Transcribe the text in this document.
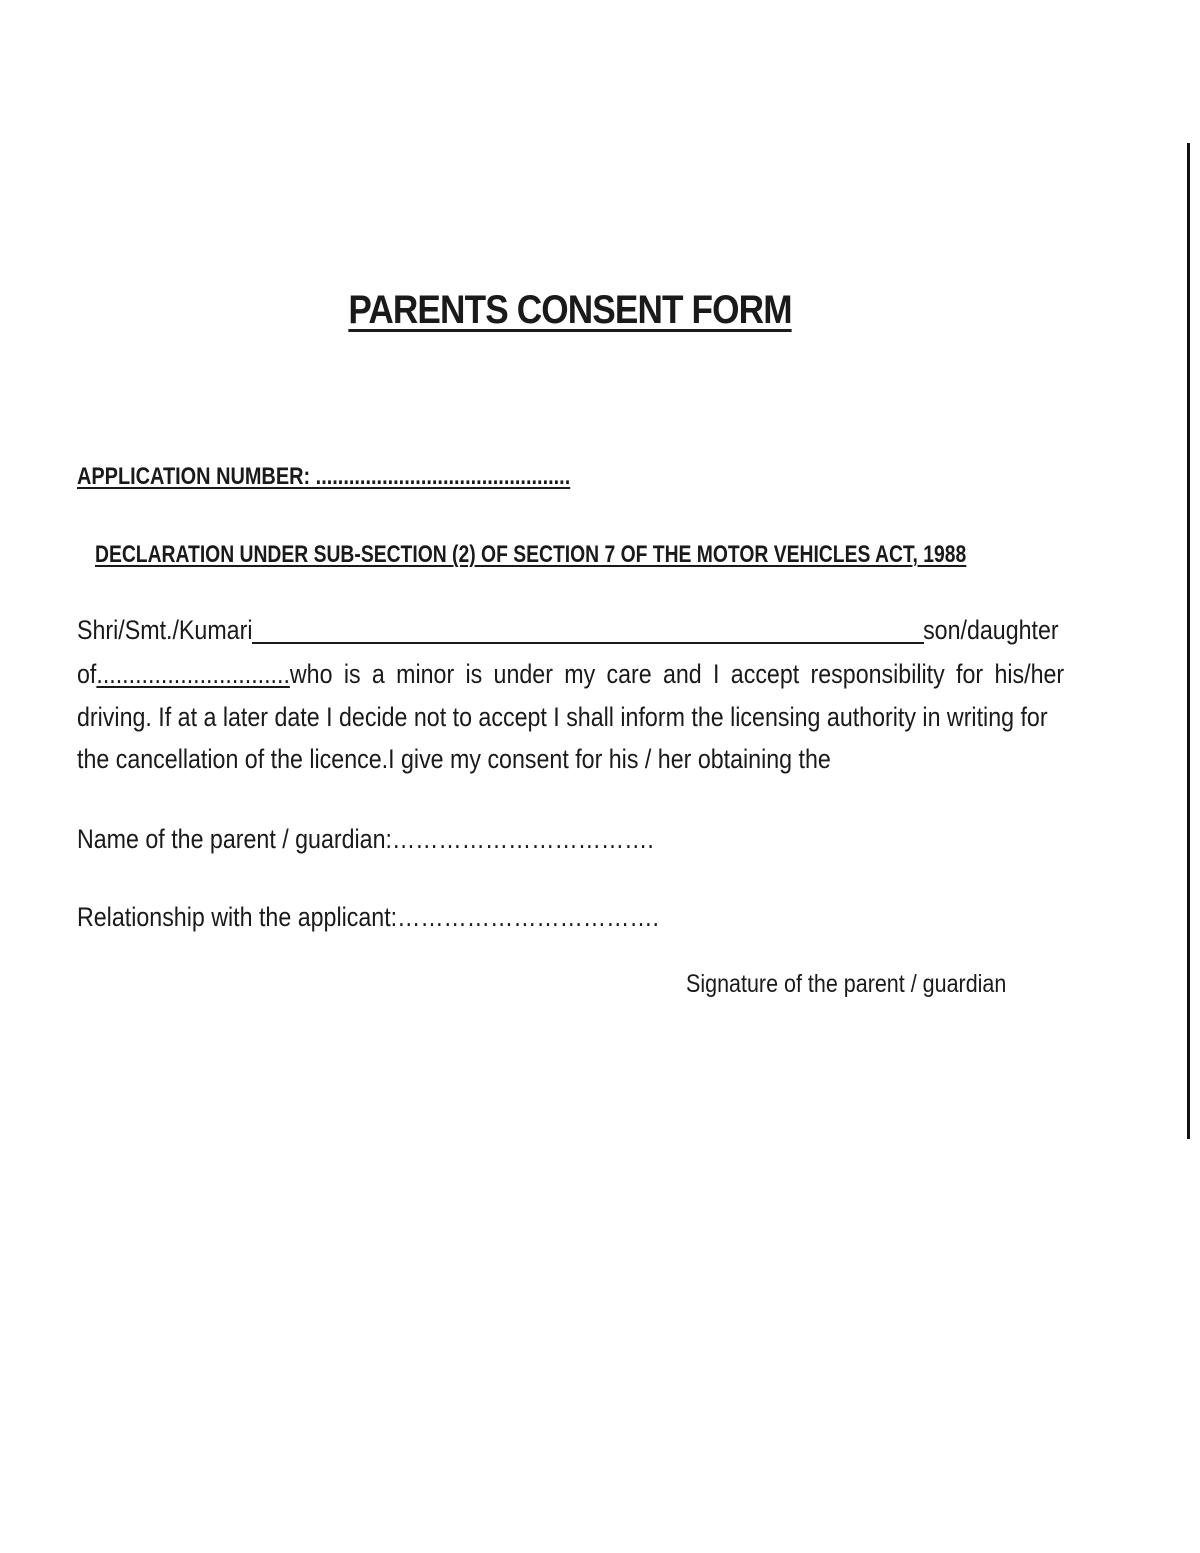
PARENTS CONSENT FORM
APPLICATION NUMBER: ..............................................
DECLARATION UNDER SUB-SECTION (2) OF SECTION 7 OF THE MOTOR VEHICLES ACT, 1988
Shri/Smt./Kumari	son/daughter
of..............................who is a minor is under my care and I accept responsibility for his/her
driving. If at a later date I decide not to accept I shall inform the licensing authority in writing for
the cancellation of the licence.I give my consent for his / her obtaining the
Name of the parent / guardian:…………………………….
Relationship with the applicant:…………………………….
Signature of the parent / guardian
